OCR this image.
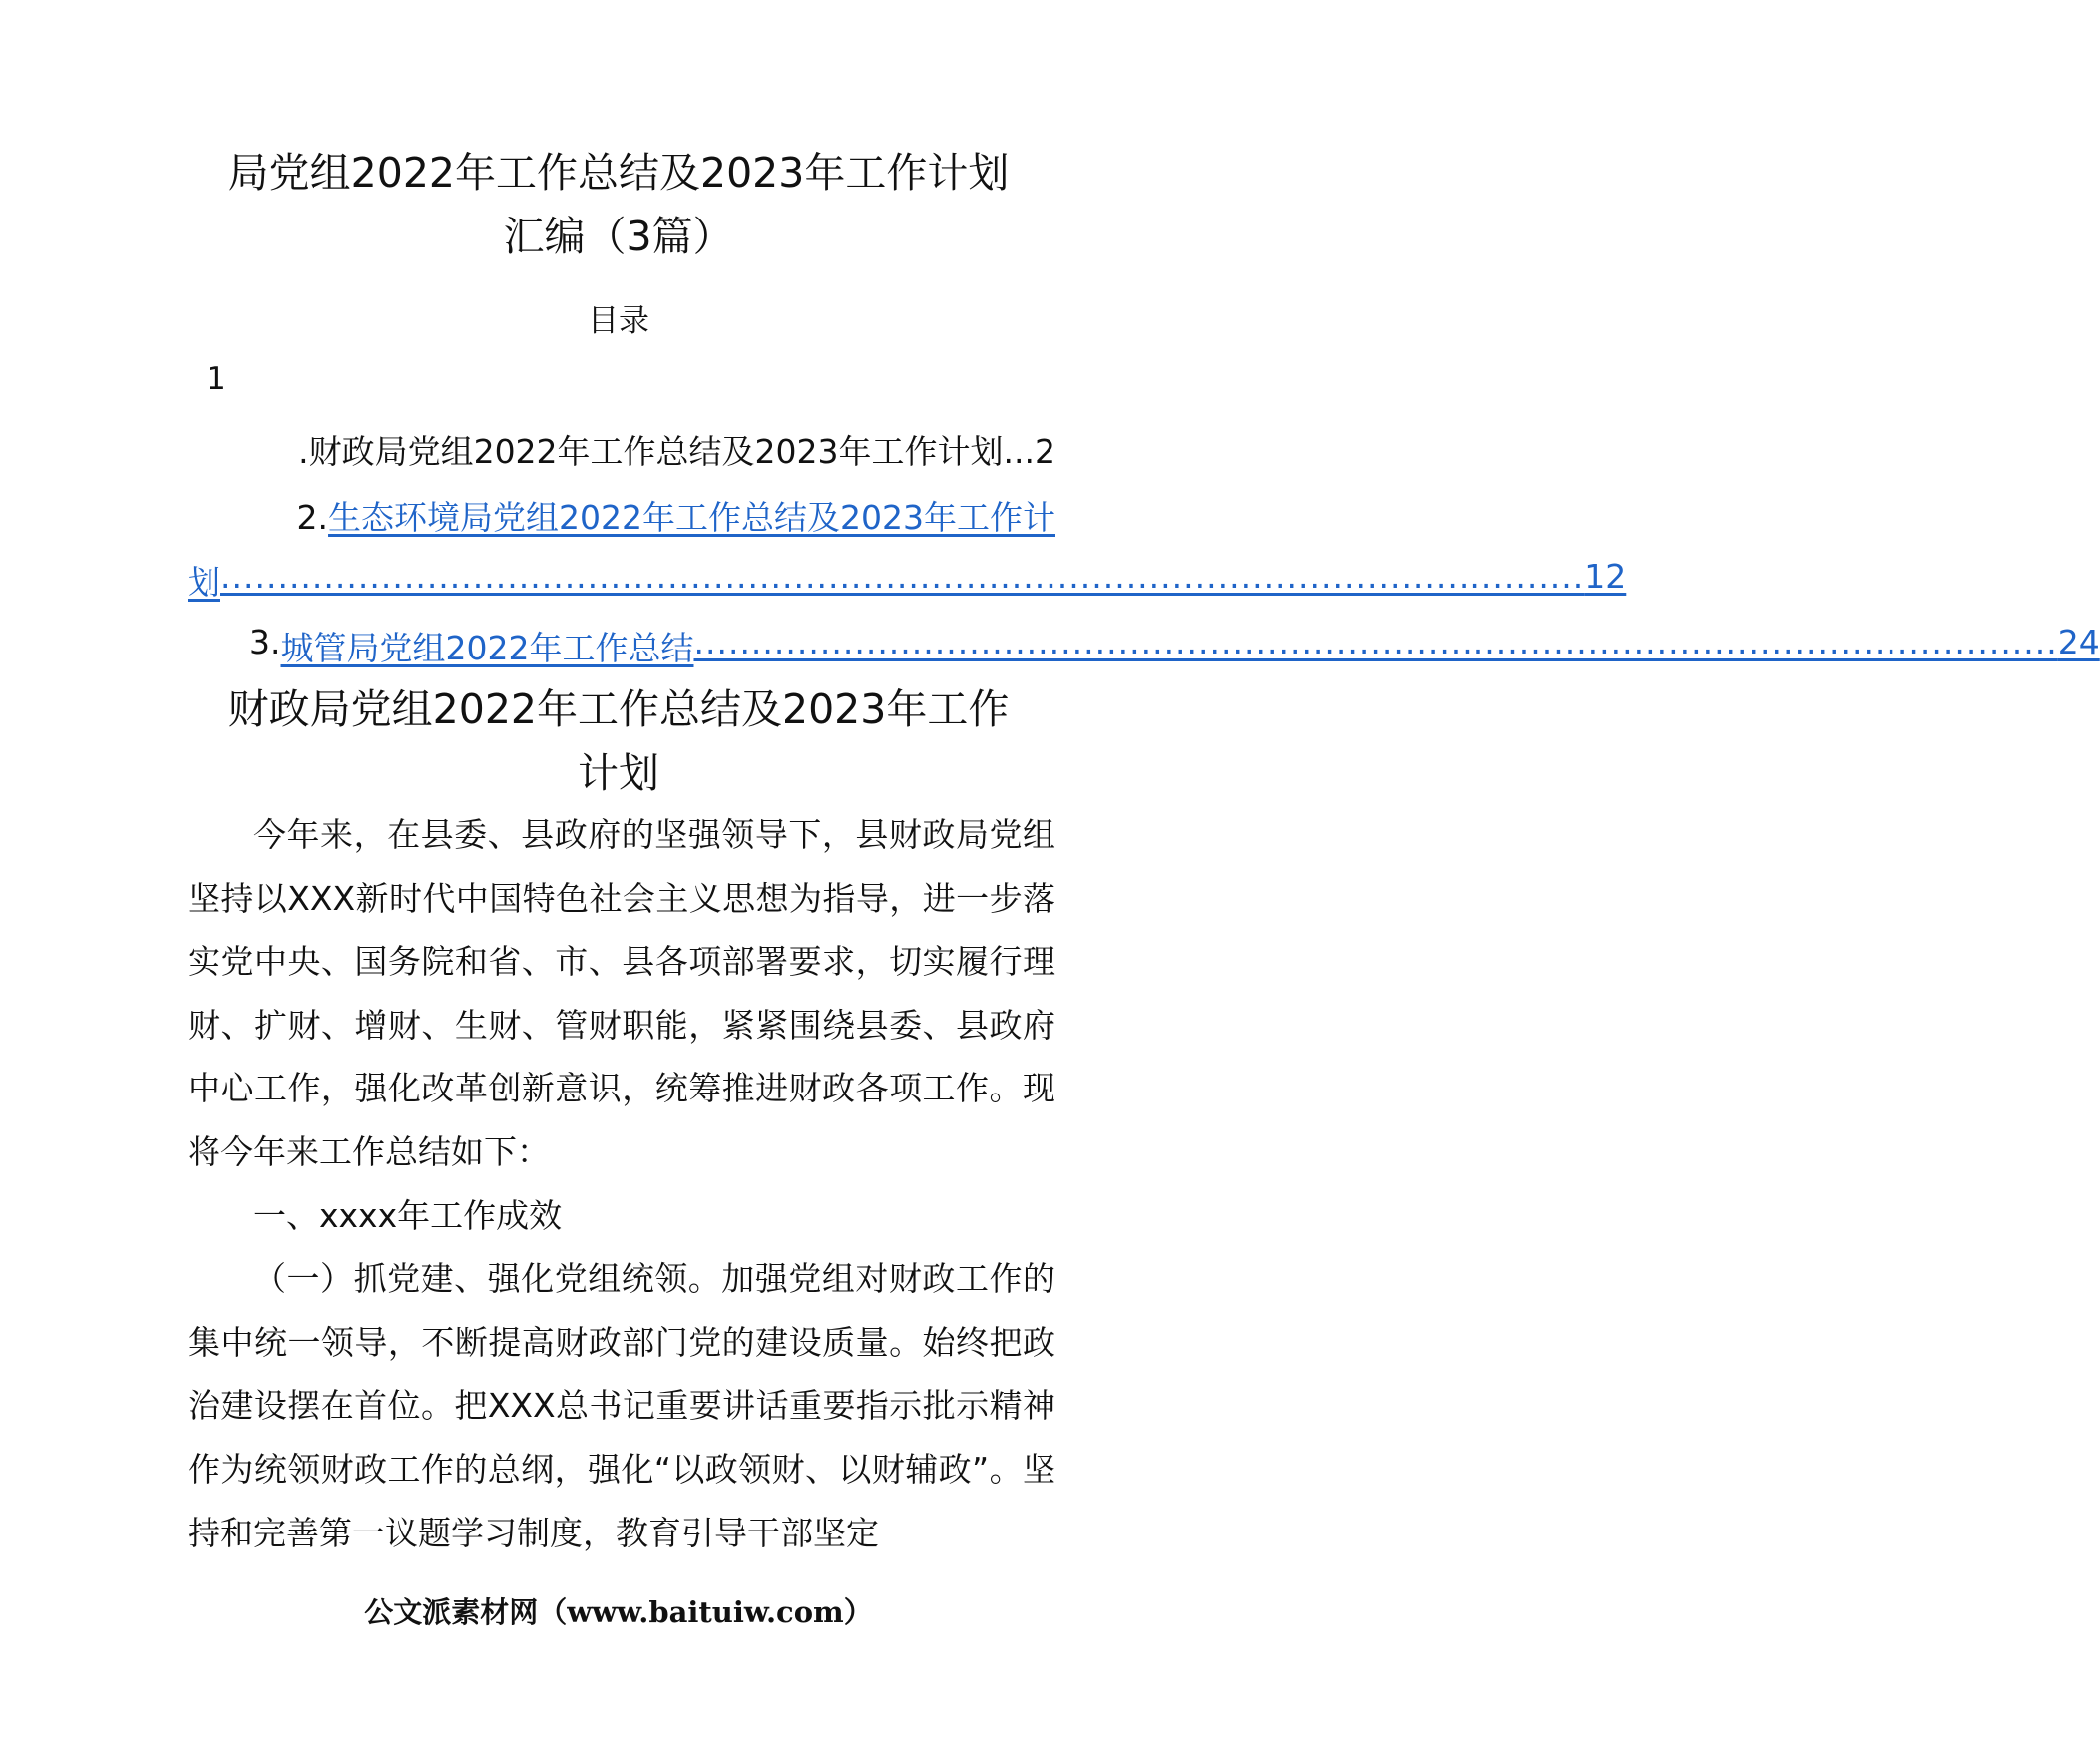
局党组2022年工作总结及2023年工作计划
汇编（3篇）
目录
1
.财政局党组2022年工作总结及2023年工作计划...2
2.生态环境局党组2022年工作总结及2023年工作计
划 ....................................................................................................................... 12
3. 城管局党组2022年工作总结 ....................................................................................................................... 24
财政局党组2022年工作总结及2023年工作
计划

今年来，在县委、县政府的坚强领导下，县财政局党组坚持以XXX新时代中国特色社会主义思想为指导，进一步落实党中央、国务院和省、市、县各项部署要求，切实履行理财、扩财、增财、生财、管财职能，紧紧围绕县委、县政府中心工作，强化改革创新意识，统筹推进财政各项工作。现将今年来工作总结如下：

一、xxxx年工作成效

（一）抓党建、强化党组统领。加强党组对财政工作的集中统一领导，不断提高财政部门党的建设质量。始终把政治建设摆在首位。把XXX总书记重要讲话重要指示批示精神作为统领财政工作的总纲，强化“以政领财、以财辅政”。坚持和完善第一议题学习制度，教育引导干部坚定

公文派素材网（www.baituiw.com）
